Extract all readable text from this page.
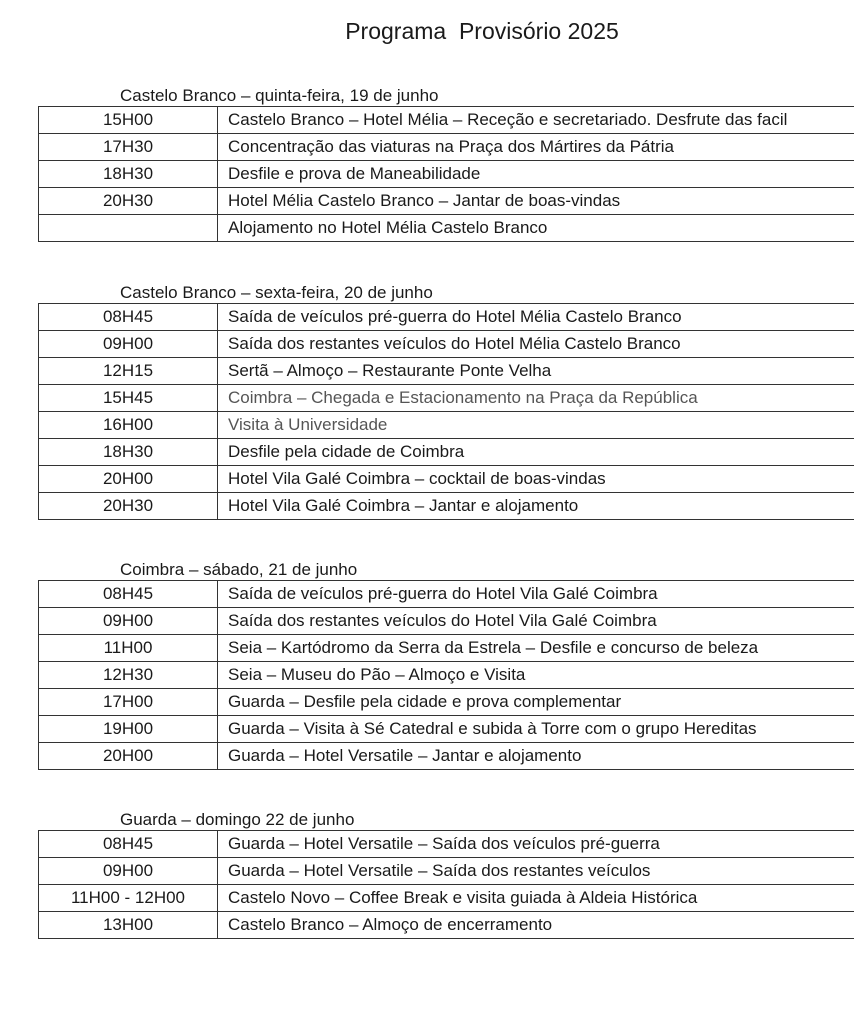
Programa  Provisório 2025
Castelo Branco – quinta-feira, 19 de junho
15H00	Castelo Branco – Hotel Mélia – Receção e secretariado. Desfrute das facil
17H30	Concentração das viaturas na Praça dos Mártires da Pátria
18H30	Desfile e prova de Maneabilidade
20H30	Hotel Mélia Castelo Branco – Jantar de boas-vindas
	Alojamento no Hotel Mélia Castelo Branco
Castelo Branco – sexta-feira, 20 de junho
08H45	Saída de veículos pré-guerra do Hotel Mélia Castelo Branco
09H00	Saída dos restantes veículos do Hotel Mélia Castelo Branco
12H15	Sertã – Almoço – Restaurante Ponte Velha
15H45	Coimbra – Chegada e Estacionamento na Praça da República
16H00	Visita à Universidade
18H30	Desfile pela cidade de Coimbra
20H00	Hotel Vila Galé Coimbra – cocktail de boas-vindas
20H30	Hotel Vila Galé Coimbra – Jantar e alojamento
Coimbra – sábado, 21 de junho
08H45	Saída de veículos pré-guerra do Hotel Vila Galé Coimbra
09H00	Saída dos restantes veículos do Hotel Vila Galé Coimbra
11H00	Seia – Kartódromo da Serra da Estrela – Desfile e concurso de beleza
12H30	Seia – Museu do Pão – Almoço e Visita
17H00	Guarda – Desfile pela cidade e prova complementar
19H00	Guarda – Visita à Sé Catedral e subida à Torre com o grupo Hereditas
20H00	Guarda – Hotel Versatile – Jantar e alojamento
Guarda – domingo 22 de junho
08H45	Guarda – Hotel Versatile – Saída dos veículos pré-guerra
09H00	Guarda – Hotel Versatile – Saída dos restantes veículos
11H00 - 12H00	Castelo Novo – Coffee Break e visita guiada à Aldeia Histórica
13H00	Castelo Branco – Almoço de encerramento
